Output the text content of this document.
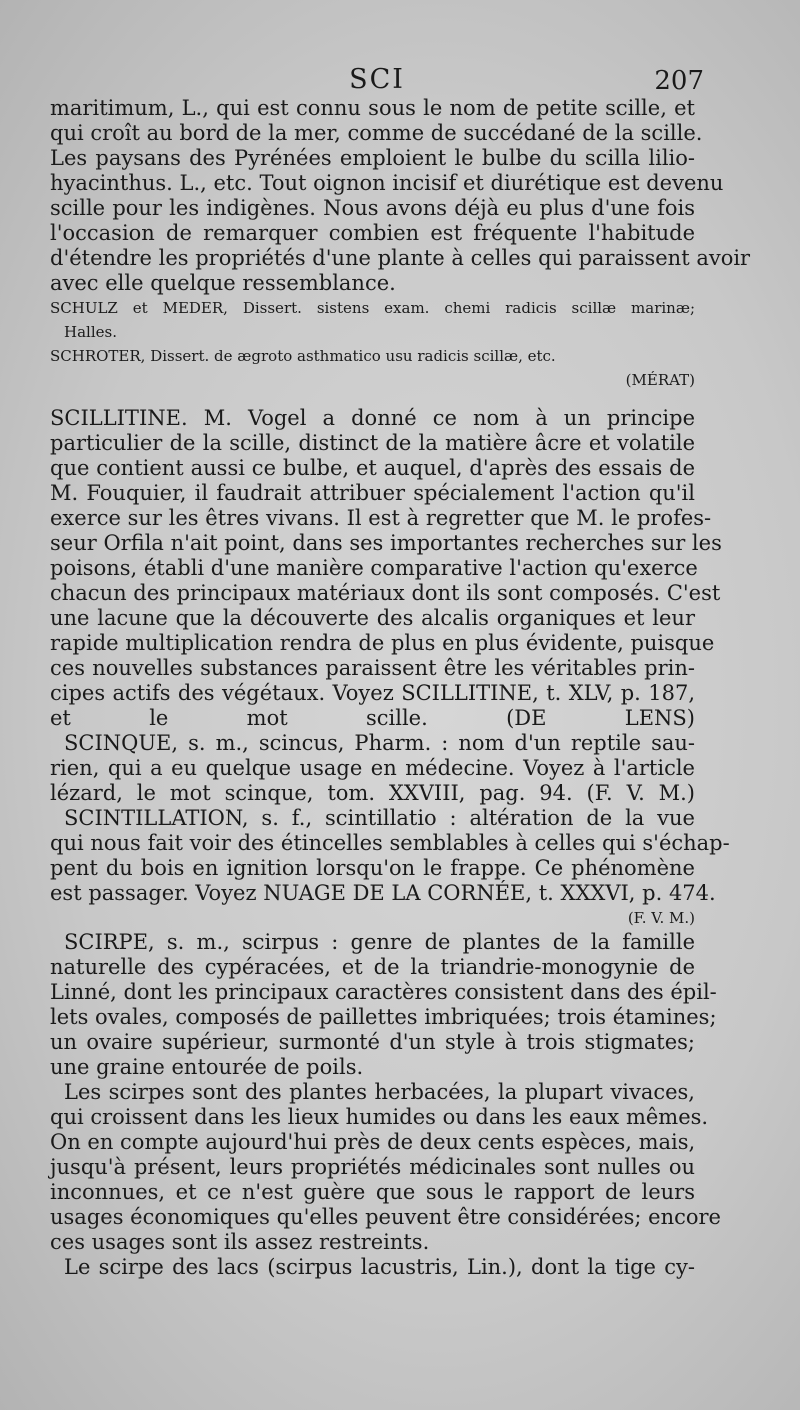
SCI	207
maritimum, L., qui est connu sous le nom de petite scille, et
qui croît au bord de la mer, comme de succédané de la scille.
Les paysans des Pyrénées emploient le bulbe du scilla lilio-
hyacinthus. L., etc. Tout oignon incisif et diurétique est devenu
scille pour les indigènes. Nous avons déjà eu plus d'une fois
l'occasion de remarquer combien est fréquente l'habitude
d'étendre les propriétés d'une plante à celles qui paraissent avoir
avec elle quelque ressemblance.
SCHULZ et MEDER, Dissert. sistens exam. chemi radicis scillæ marinæ;
Halles.
SCHROTER, Dissert. de ægroto asthmatico usu radicis scillæ, etc.
(MÉRAT)

SCILLITINE. M. Vogel a donné ce nom à un principe
particulier de la scille, distinct de la matière âcre et volatile
que contient aussi ce bulbe, et auquel, d'après des essais de
M. Fouquier, il faudrait attribuer spécialement l'action qu'il
exerce sur les êtres vivans. Il est à regretter que M. le profes-
seur Orfila n'ait point, dans ses importantes recherches sur les
poisons, établi d'une manière comparative l'action qu'exerce
chacun des principaux matériaux dont ils sont composés. C'est
une lacune que la découverte des alcalis organiques et leur
rapide multiplication rendra de plus en plus évidente, puisque
ces nouvelles substances paraissent être les véritables prin-
cipes actifs des végétaux. Voyez SCILLITINE, t. XLV, p. 187,
et le mot scille. (DE LENS)
SCINQUE, s. m., scincus, Pharm. : nom d'un reptile sau-
rien, qui a eu quelque usage en médecine. Voyez à l'article
lézard, le mot scinque, tom. XXVIII, pag. 94. (F. V. M.)
SCINTILLATION, s. f., scintillatio : altération de la vue
qui nous fait voir des étincelles semblables à celles qui s'échap-
pent du bois en ignition lorsqu'on le frappe. Ce phénomène
est passager. Voyez NUAGE DE LA CORNÉE, t. XXXVI, p. 474.
(F. V. M.)
SCIRPE, s. m., scirpus : genre de plantes de la famille
naturelle des cypéracées, et de la triandrie-monogynie de
Linné, dont les principaux caractères consistent dans des épil-
lets ovales, composés de paillettes imbriquées; trois étamines;
un ovaire supérieur, surmonté d'un style à trois stigmates;
une graine entourée de poils.
Les scirpes sont des plantes herbacées, la plupart vivaces,
qui croissent dans les lieux humides ou dans les eaux mêmes.
On en compte aujourd'hui près de deux cents espèces, mais,
jusqu'à présent, leurs propriétés médicinales sont nulles ou
inconnues, et ce n'est guère que sous le rapport de leurs
usages économiques qu'elles peuvent être considérées; encore
ces usages sont ils assez restreints.
Le scirpe des lacs (scirpus lacustris, Lin.), dont la tige cy-
